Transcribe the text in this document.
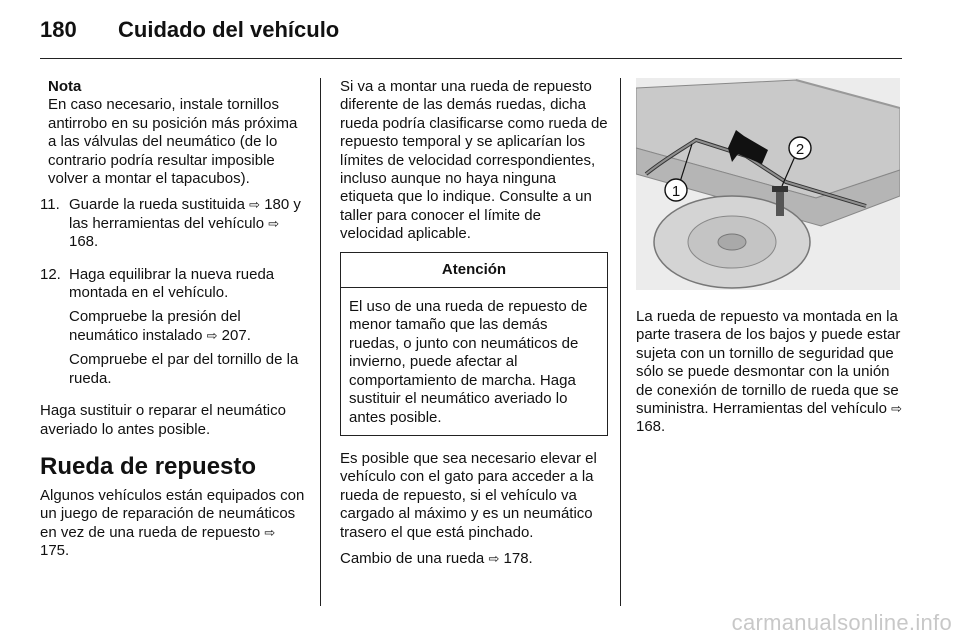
180	Cuidado del vehículo
Nota
En caso necesario, instale tornillos antirrobo en su posición más próxima a las válvulas del neumático (de lo contrario podría resultar imposible volver a montar el tapacubos).
11. Guarde la rueda sustituida ⇨ 180 y las herramientas del vehículo ⇨ 168.

12. Haga equilibrar la nueva rueda montada en el vehículo.

Compruebe la presión del neumático instalado ⇨ 207.

Compruebe el par del tornillo de la rueda.

Haga sustituir o reparar el neumático averiado lo antes posible.

Rueda de repuesto

Algunos vehículos están equipados con un juego de reparación de neumáticos en vez de una rueda de repuesto ⇨ 175.

Si va a montar una rueda de repuesto diferente de las demás ruedas, dicha rueda podría clasificarse como rueda de repuesto temporal y se aplicarían los límites de velocidad correspondientes, incluso aunque no haya ninguna etiqueta que lo indique. Consulte a un taller para conocer el límite de velocidad aplicable.

Atención
El uso de una rueda de repuesto de menor tamaño que las demás ruedas, o junto con neumáticos de invierno, puede afectar al comportamiento de marcha. Haga sustituir el neumático averiado lo antes posible.

Es posible que sea necesario elevar el vehículo con el gato para acceder a la rueda de repuesto, si el vehículo va cargado al máximo y es un neumático trasero el que está pinchado.

Cambio de una rueda ⇨ 178.

1
2

La rueda de repuesto va montada en la parte trasera de los bajos y puede estar sujeta con un tornillo de seguridad que sólo se puede desmontar con la unión de conexión de tornillo de rueda que se suministra. Herramientas del vehículo ⇨ 168.

carmanualsonline.info
